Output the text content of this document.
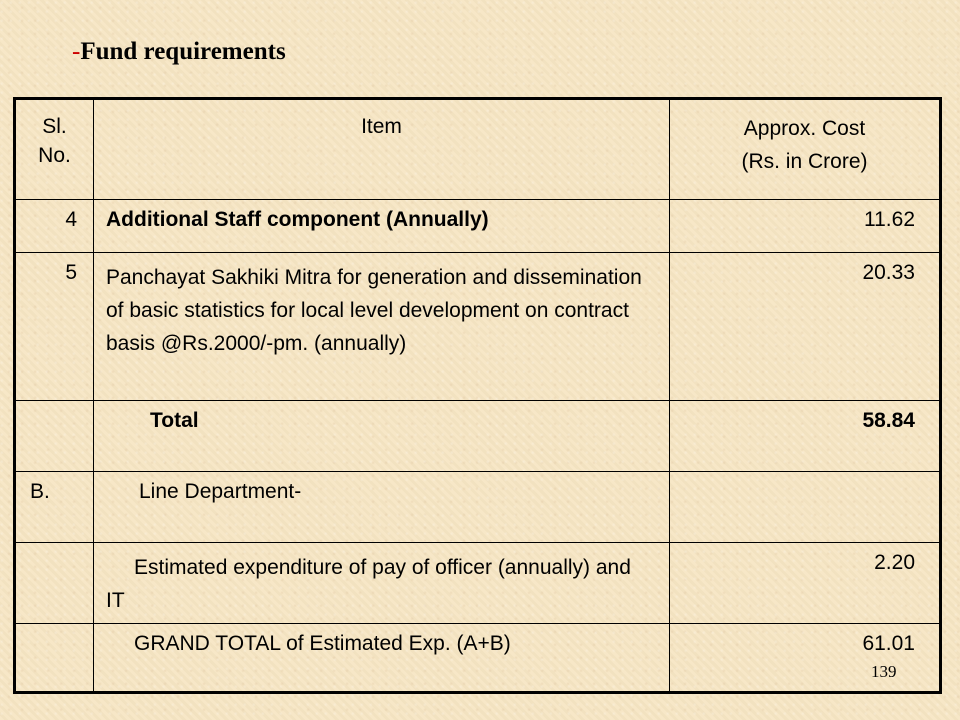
-Fund requirements
Sl. No.	Item	Approx. Cost
(Rs. in Crore)

4	Additional Staff component (Annually)	11.62
5	Panchayat Sakhiki Mitra for generation and dissemination of basic statistics for local level development on contract basis @Rs.2000/-pm. (annually)	20.33
	Total	58.84
B.	Line Department-	
	Estimated expenditure of pay of officer (annually) and IT	2.20
	GRAND TOTAL of Estimated Exp. (A+B)	61.01
139
